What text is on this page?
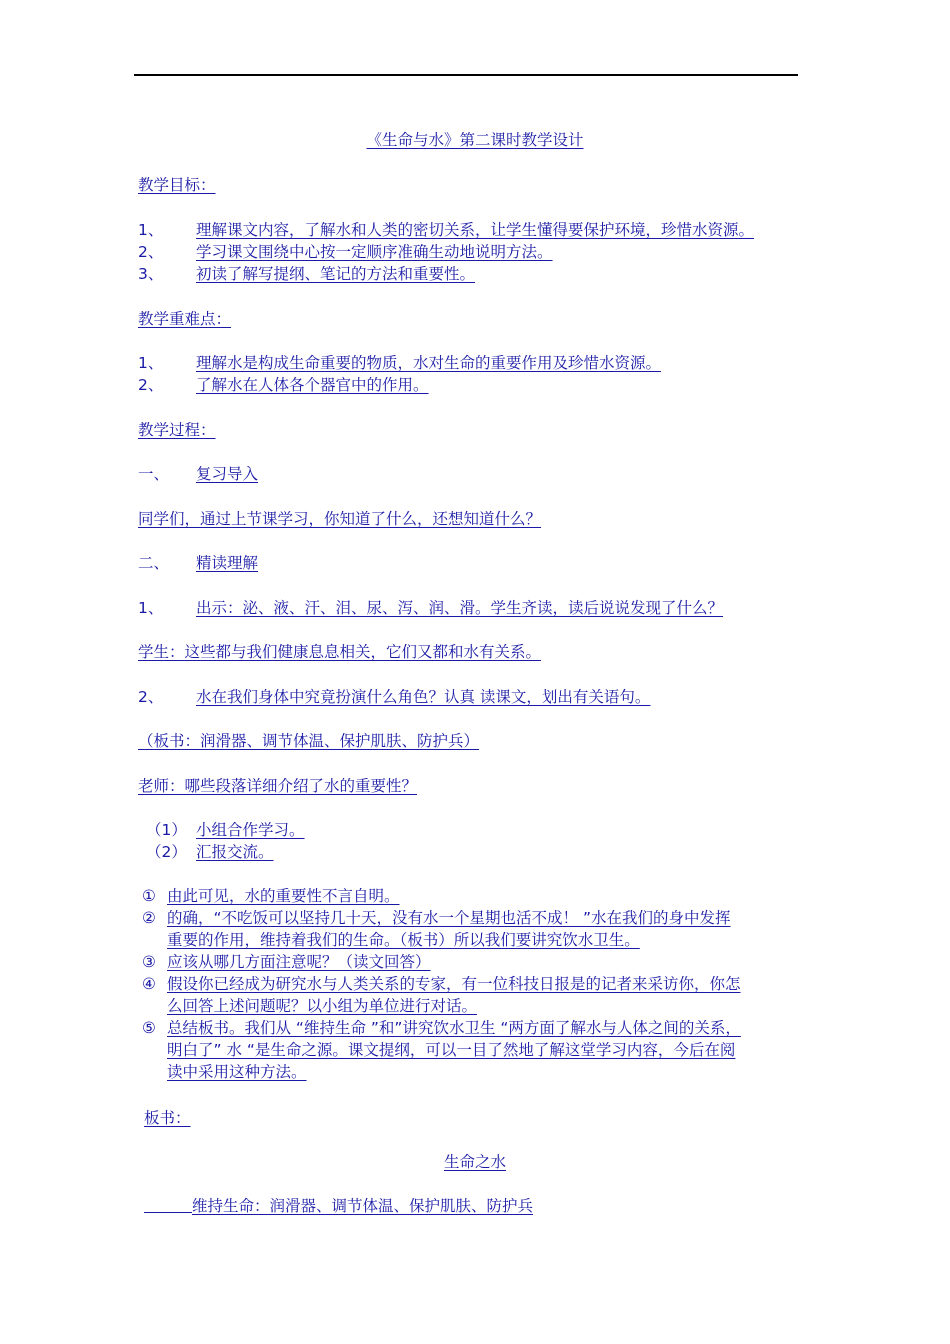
《生命与水》第二课时教学设计
教学目标：
1、 理解课文内容，了解水和人类的密切关系，让学生懂得要保护环境，珍惜水资源。
2、 学习课文围绕中心按一定顺序准确生动地说明方法。
3、 初读了解写提纲、笔记的方法和重要性。
教学重难点：
1、 理解水是构成生命重要的物质，水对生命的重要作用及珍惜水资源。
2、 了解水在人体各个器官中的作用。
教学过程：
一、 复习导入
同学们，通过上节课学习，你知道了什么，还想知道什么？
二、 精读理解
1、 出示：泌、液、汗、泪、尿、泻、润、滑。学生齐读，读后说说发现了什么？
学生：这些都与我们健康息息相关，它们又都和水有关系。
2、 水在我们身体中究竟扮演什么角色？认真 读课文，划出有关语句。
（板书：润滑器、调节体温、保护肌肤、防护兵）
老师：哪些段落详细介绍了水的重要性？
（1） 小组合作学习。
（2） 汇报交流。
① 由此可见，水的重要性不言自明。
② 的确，“不吃饭可以坚持几十天，没有水一个星期也活不成！ ”水在我们的身中发挥
重要的作用，维持着我们的生命。（板书）所以我们要讲究饮水卫生。
③ 应该从哪几方面注意呢？（读文回答）
④ 假设你已经成为研究水与人类关系的专家，有一位科技日报是的记者来采访你，你怎
么回答上述问题呢？以小组为单位进行对话。
⑤ 总结板书。我们从 “维持生命 ”和”讲究饮水卫生 “两方面了解水与人体之间的关系，
明白了” 水 “是生命之源。课文提纲，可以一目了然地了解这堂学习内容，今后在阅
读中采用这种方法。
板书：
生命之水
维持生命：润滑器、调节体温、保护肌肤、防护兵
